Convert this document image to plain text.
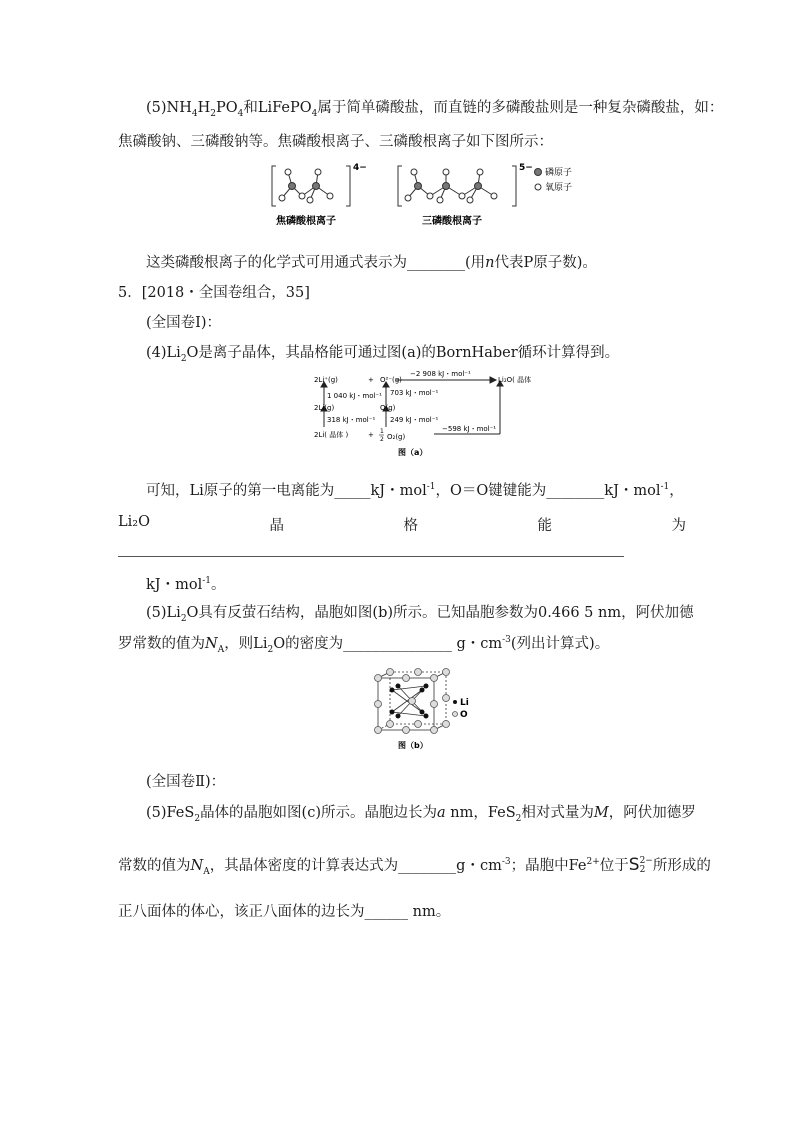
$(5)NH_4H_2PO_4$和LiFePO$_4$属于简单磷酸盐，而直链的多磷酸盐则是一种复杂磷酸盐，如：
焦磷酸钠、三磷酸钠等。焦磷酸根离子、三磷酸根离子如下图所示：
4−	5− 磷原子
氧原子
焦磷酸根离子	三磷酸根离子
这类磷酸根离子的化学式可用通式表示为________(用n代表P原子数)。
5．[2018・全国卷组合，35]
(全国卷Ⅰ)：
$(4)Li_2O$是离子晶体，其晶格能可通过图(a)的BornHaber循环计算得到。
2Li⁺(g)	+ O²⁻(g)
−2 908 kJ・mol⁻¹
Li₂O( 晶体 )
1 040 kJ・mol⁻¹ 703 kJ・mol⁻¹
2Li(g)	O(g)
318 kJ・mol⁻¹ 249 kJ・mol⁻¹
2Li( 晶体 )	+ 1
2 O₂(g)
−598 kJ・mol⁻¹
图（a）
可知，Li原子的第一电离能为_____kJ・mol$^{-1}$，O＝O键键能为________kJ・mol$^{-1}$，
Li₂O	晶	格	能	为
kJ・mol$^{-1}$。
$(5)Li_2O$具有反萤石结构，晶胞如图(b)所示。已知晶胞参数为0.466 5 nm，阿伏加德
罗常数的值为$N_A$，则$Li_2O$的密度为_______________ g・$cm^{-3}$(列出计算式)。
Li
O
图（b）
(全国卷Ⅱ)：
(5)FeS$_2$晶体的晶胞如图(c)所示。晶胞边长为a nm，FeS$_2$相对式量为M，阿伏加德罗
常数的值为$N_A$，其晶体密度的计算表达式为________g・$cm^{-3}$；晶胞中$Fe^{2+}$位于S 2−
2 所形成的
正八面体的体心，该正八面体的边长为______ nm。
